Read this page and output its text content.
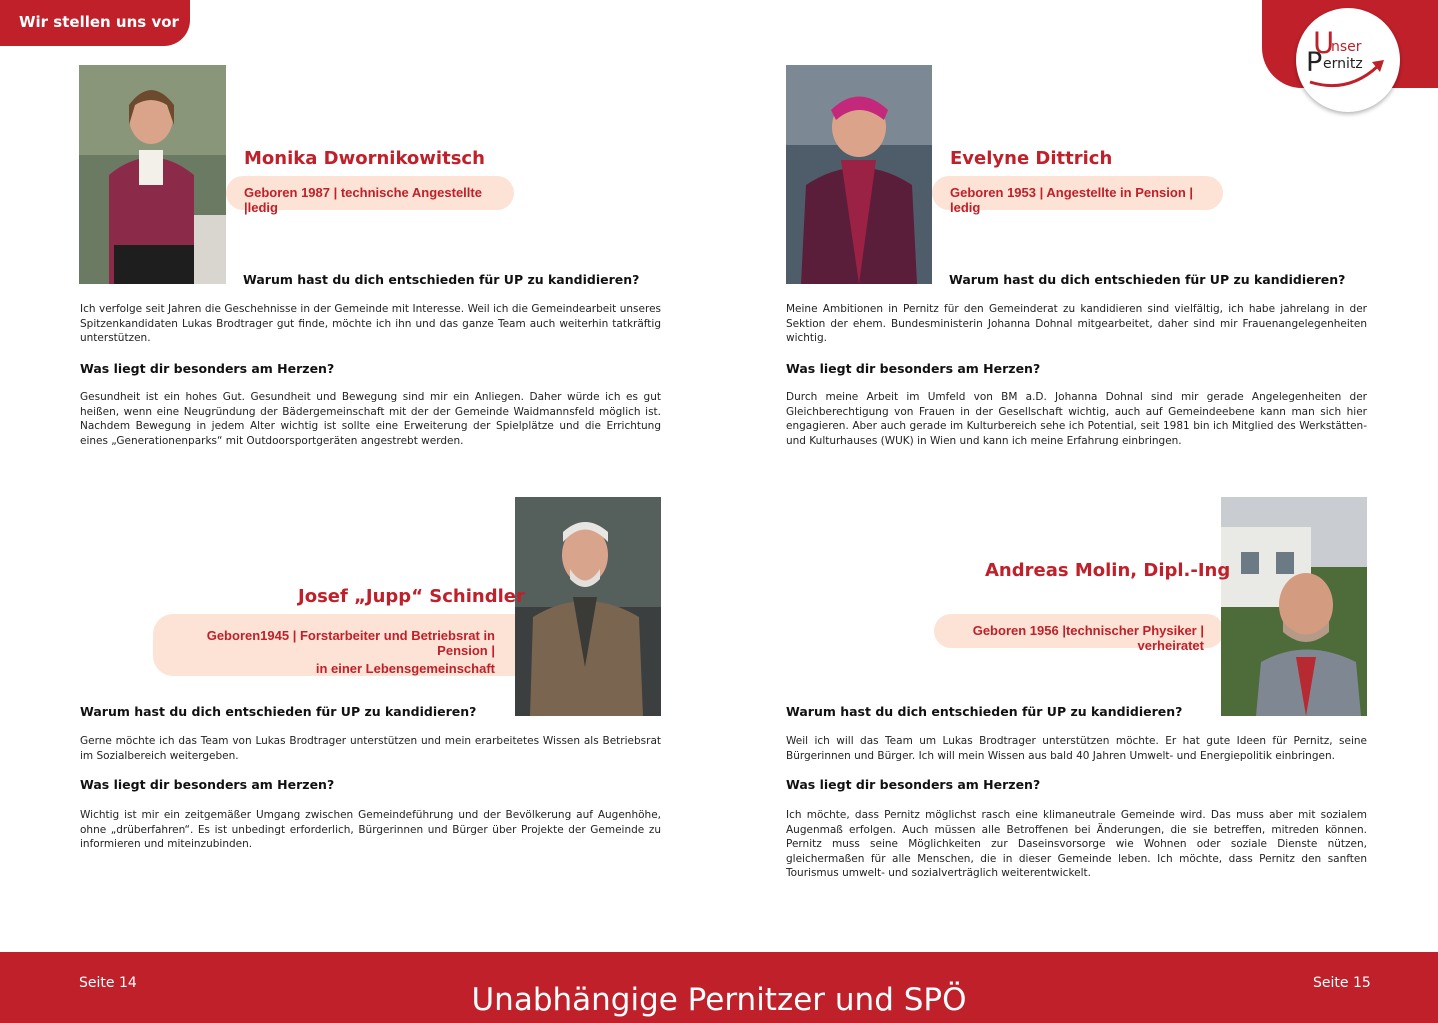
Wir stellen uns vor
U
nser
P ernitz
Monika Dwornikowitsch
Geboren 1987 | technische Angestellte |ledig
Warum hast du dich entschieden für UP zu kandidieren?
Ich verfolge seit Jahren die Geschehnisse in der Gemeinde mit Interesse. Weil ich die Gemeindearbeit unseres Spitzenkandidaten Lukas Brodtrager gut finde, möchte ich ihn und das ganze Team auch weiterhin tatkräftig unterstützen.
Was liegt dir besonders am Herzen?
Gesundheit ist ein hohes Gut. Gesundheit und Bewegung sind mir ein Anliegen. Daher würde ich es gut heißen, wenn eine Neugründung der Bädergemeinschaft mit der der Gemeinde Waidmannsfeld möglich ist. Nachdem Bewegung in jedem Alter wichtig ist sollte eine Erweiterung der Spielplätze und die Errichtung eines „Generationenparks“ mit Outdoorsportgeräten angestrebt werden.
Evelyne Dittrich
Geboren 1953 | Angestellte in Pension | ledig
Warum hast du dich entschieden für UP zu kandidieren?
Meine Ambitionen in Pernitz für den Gemeinderat zu kandidieren sind vielfältig, ich habe jahrelang in der Sektion der ehem. Bundesministerin Johanna Dohnal mitgearbeitet, daher sind mir Frauenangelegenheiten wichtig.
Was liegt dir besonders am Herzen?
Durch meine Arbeit im Umfeld von BM a.D. Johanna Dohnal sind mir gerade Angelegenheiten der Gleichberechtigung von Frauen in der Gesellschaft wichtig, auch auf Gemeindeebene kann man sich hier engagieren. Aber auch gerade im Kulturbereich sehe ich Potential, seit 1981 bin ich Mitglied des Werkstätten- und Kulturhauses (WUK) in Wien und kann ich meine Erfahrung einbringen.
Geboren1945 | Forstarbeiter und Betriebsrat in Pension |
in einer Lebensgemeinschaft
Josef „Jupp“ Schindler
Warum hast du dich entschieden für UP zu kandidieren?
Gerne möchte ich das Team von Lukas Brodtrager unterstützen und mein erarbeitetes Wissen als Betriebsrat im Sozialbereich weitergeben.
Was liegt dir besonders am Herzen?
Wichtig ist mir ein zeitgemäßer Umgang zwischen Gemeindeführung und der Bevölkerung auf Augenhöhe, ohne „drüberfahren“. Es ist unbedingt erforderlich, Bürgerinnen und Bürger über Projekte der Gemeinde zu informieren und miteinzubinden.
Geboren 1956 |technischer Physiker | verheiratet
Andreas Molin, Dipl.-Ing
Warum hast du dich entschieden für UP zu kandidieren?
Weil ich will das Team um Lukas Brodtrager unterstützen möchte. Er hat gute Ideen für Pernitz, seine Bürgerinnen und Bürger. Ich will mein Wissen aus bald 40 Jahren Umwelt- und Energiepolitik einbringen.
Was liegt dir besonders am Herzen?
Ich möchte, dass Pernitz möglichst rasch eine klimaneutrale Gemeinde wird. Das muss aber mit sozialem Augenmaß erfolgen. Auch müssen alle Betroffenen bei Änderungen, die sie betreffen, mitreden können. Pernitz muss seine Möglichkeiten zur Daseinsvorsorge wie Wohnen oder soziale Dienste nützen, gleichermaßen für alle Menschen, die in dieser Gemeinde leben. Ich möchte, dass Pernitz den sanften Tourismus umwelt- und sozialverträglich weiterentwickelt.
Seite 14	Seite 15
Unabhängige Pernitzer und SPÖ
